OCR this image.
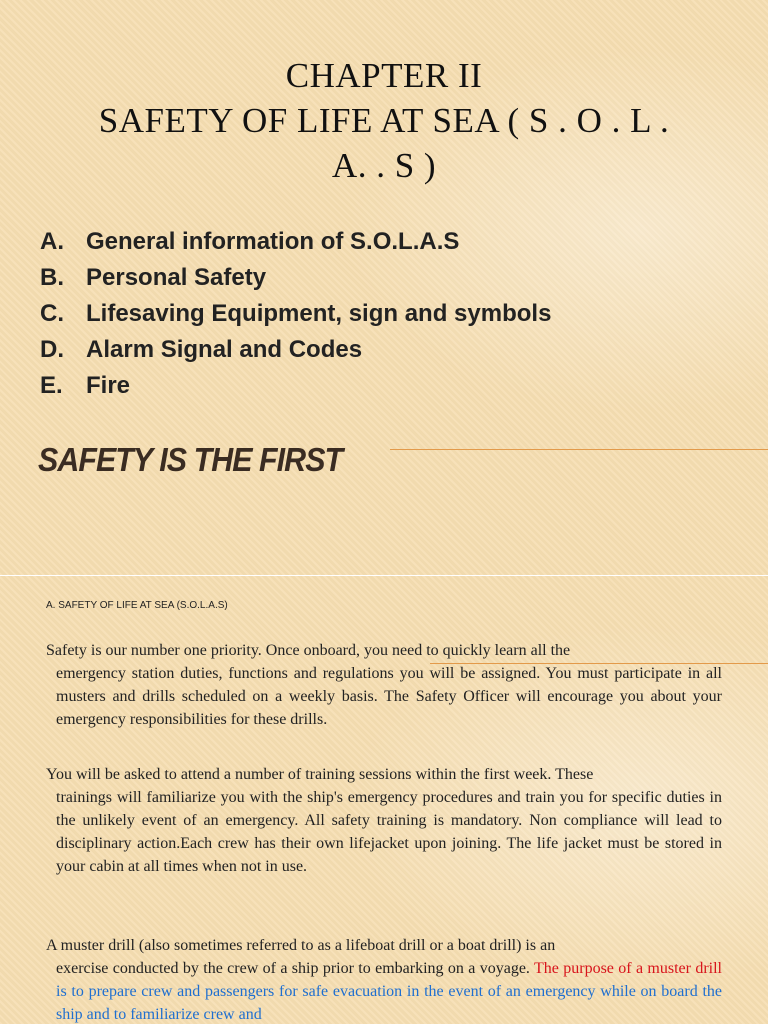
CHAPTER II
SAFETY OF LIFE AT SEA ( S . O . L .
A. . S )
A. General information of S.O.L.A.S
B. Personal Safety
C. Lifesaving Equipment, sign and symbols
D. Alarm Signal and Codes
E. Fire
SAFETY IS THE FIRST
A. SAFETY OF LIFE AT SEA (S.O.L.A.S)
Safety is our number one priority. Once onboard, you need to quickly learn all the
emergency station duties, functions and regulations you will be assigned. You must participate in all musters and drills scheduled on a weekly basis. The Safety Officer will encourage you about your emergency responsibilities for these drills.
You will be asked to attend a number of training sessions within the first week. These
trainings will familiarize you with the ship's emergency procedures and train you for specific duties in the unlikely event of an emergency. All safety training is mandatory. Non compliance will lead to disciplinary action.Each crew has their own lifejacket upon joining. The life jacket must be stored in your cabin at all times when not in use.
A muster drill (also sometimes referred to as a lifeboat drill or a boat drill) is an
exercise conducted by the crew of a ship prior to embarking on a voyage. The purpose of a muster drill is to prepare crew and passengers for safe evacuation in the event of an emergency while on board the ship and to familiarize crew and
